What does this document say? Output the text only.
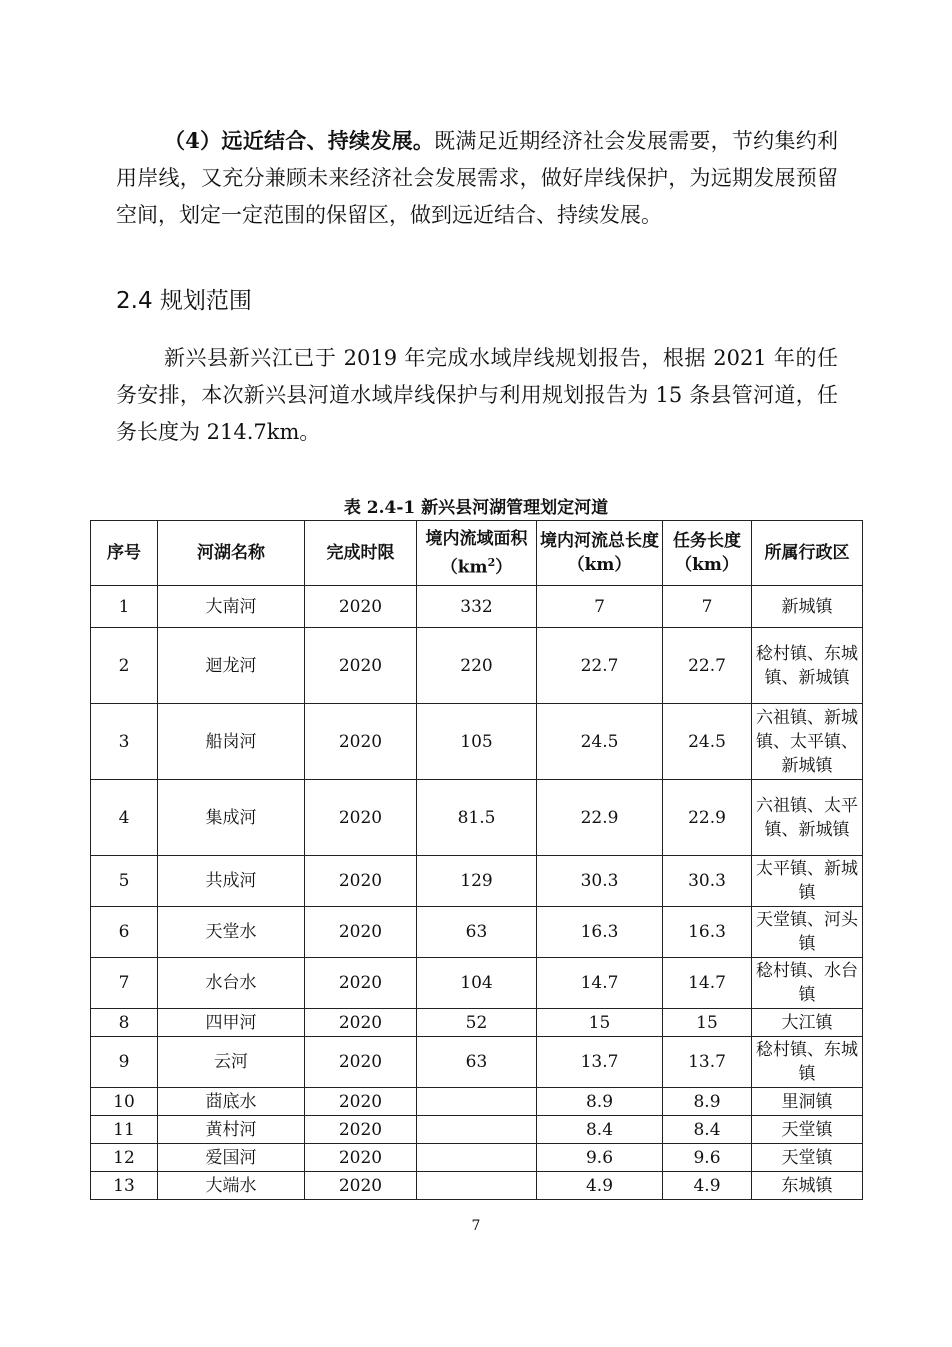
（4）远近结合、持续发展。既满足近期经济社会发展需要，节约集约利用岸线，又充分兼顾未来经济社会发展需求，做好岸线保护，为远期发展预留空间，划定一定范围的保留区，做到远近结合、持续发展。
2.4 规划范围
新兴县新兴江已于 2019 年完成水域岸线规划报告，根据 2021 年的任务安排，本次新兴县河道水域岸线保护与利用规划报告为 15 条县管河道，任务长度为 214.7km。
表 2.4-1 新兴县河湖管理划定河道
序号	河湖名称	完成时限	境内流域面积$(km^2)$	境内河流总长度（km）	任务长度（km）	所属行政区
1	大南河	2020	332	7	7	新城镇
2	迴龙河	2020	220	22.7	22.7	稔村镇、东城镇、新城镇
3	船岗河	2020	105	24.5	24.5	六祖镇、新城镇、太平镇、新城镇
4	集成河	2020	81.5	22.9	22.9	六祖镇、太平镇、新城镇
5	共成河	2020	129	30.3	30.3	太平镇、新城镇
6	天堂水	2020	63	16.3	16.3	天堂镇、河头镇
7	水台水	2020	104	14.7	14.7	稔村镇、水台镇
8	四甲河	2020	52	15	15	大江镇
9	云河	2020	63	13.7	13.7	稔村镇、东城镇
10	莔底水	2020		8.9	8.9	里洞镇
11	黄村河	2020		8.4	8.4	天堂镇
12	爱国河	2020		9.6	9.6	天堂镇
13	大端水	2020		4.9	4.9	东城镇
7
